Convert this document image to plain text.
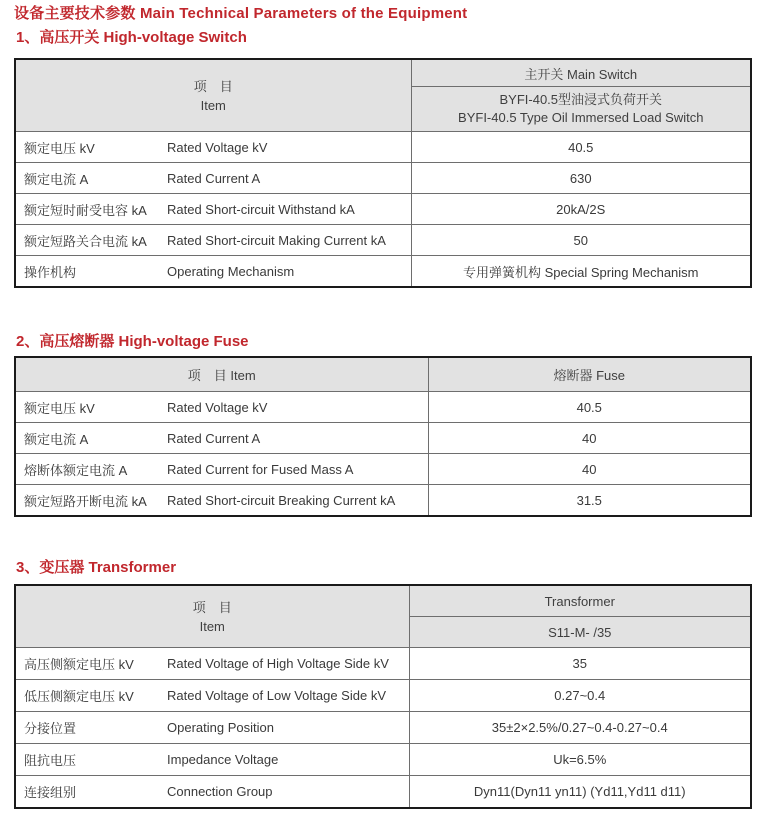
设备主要技术参数 Main Technical Parameters of the Equipment
1、高压开关 High-voltage Switch
项　目
Item	主开关 Main Switch

	BYFI-40.5型油浸式负荷开关
BYFI-40.5 Type Oil Immersed Load Switch

额定电压 kV Rated Voltage kV	40.5
额定电流 A Rated Current A	630
额定短时耐受电容 kA Rated Short-circuit Withstand kA	20kA/2S
额定短路关合电流 kA Rated Short-circuit Making Current kA	50
操作机构 Operating Mechanism	专用弹簧机构 Special Spring Mechanism
2、高压熔断器 High-voltage Fuse
项　目 Item	熔断器 Fuse
额定电压 kV Rated Voltage kV	40.5
额定电流 A Rated Current A	40
熔断体额定电流 A Rated Current for Fused Mass A	40
额定短路开断电流 kA Rated Short-circuit Breaking Current kA	31.5
3、变压器 Transformer
项　目
Item	Transformer
	S11-M- /35
高压侧额定电压 kV Rated Voltage of High Voltage Side kV	35
低压侧额定电压 kV Rated Voltage of Low Voltage Side kV	0.27~0.4
分接位置 Operating Position	35±2×2.5%/0.27~0.4-0.27~0.4
阻抗电压 Impedance Voltage	Uk=6.5%
连接组别 Connection Group	Dyn11(Dyn11 yn11) (Yd11,Yd11 d11)
